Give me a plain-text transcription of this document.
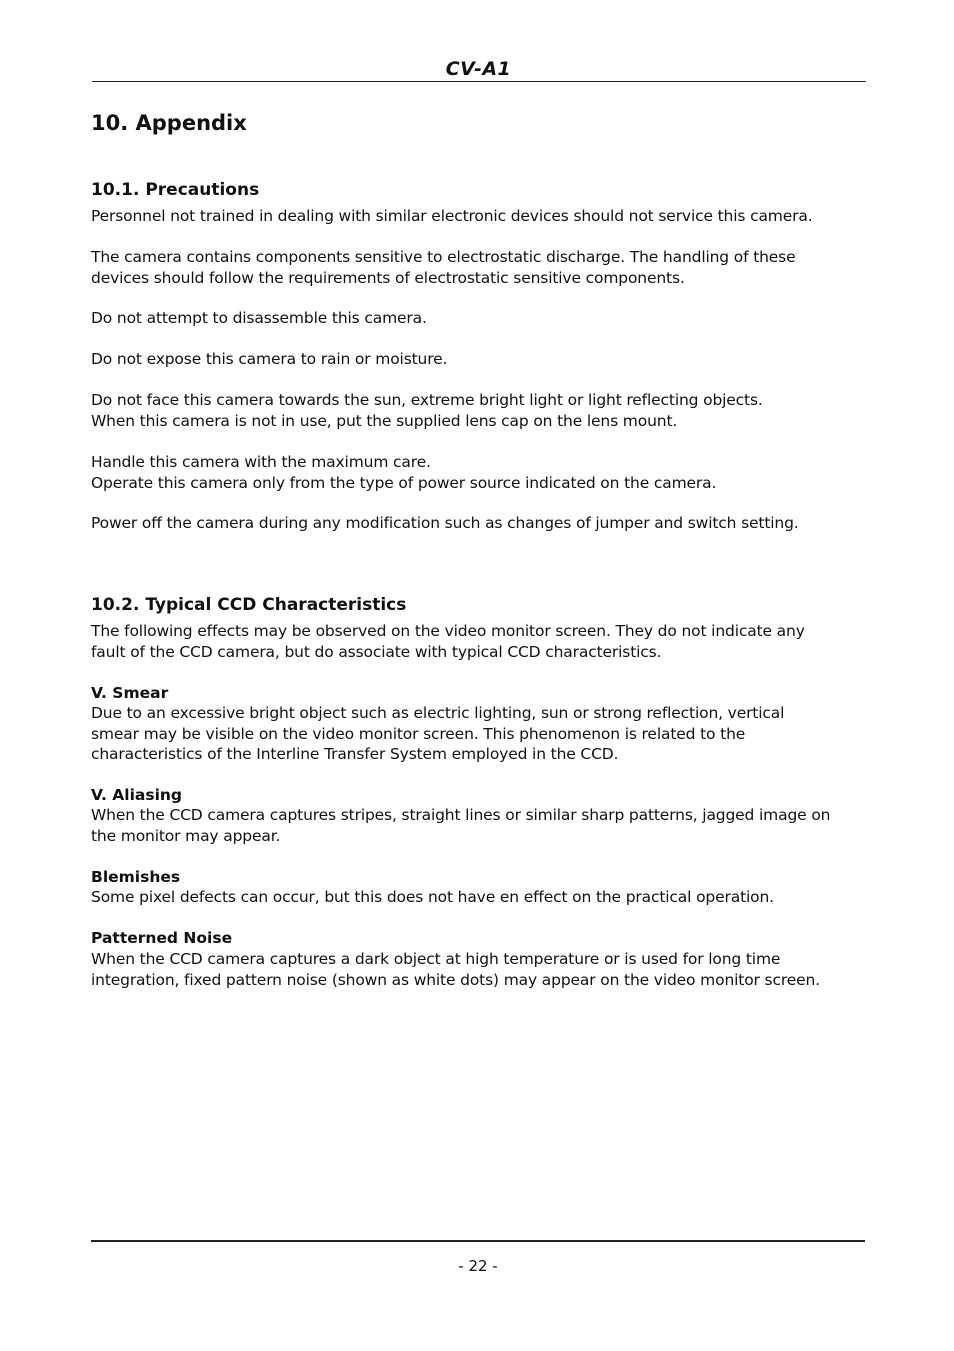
CV-A1
10. Appendix
10.1. Precautions
Personnel not trained in dealing with similar electronic devices should not service this camera.
The camera contains components sensitive to electrostatic discharge. The handling of these
devices should follow the requirements of electrostatic sensitive components.
Do not attempt to disassemble this camera.
Do not expose this camera to rain or moisture.
Do not face this camera towards the sun, extreme bright light or light reflecting objects.
When this camera is not in use, put the supplied lens cap on the lens mount.
Handle this camera with the maximum care.
Operate this camera only from the type of power source indicated on the camera.
Power off the camera during any modification such as changes of jumper and switch setting.
10.2. Typical CCD Characteristics
The following effects may be observed on the video monitor screen. They do not indicate any
fault of the CCD camera, but do associate with typical CCD characteristics.
V. Smear
Due to an excessive bright object such as electric lighting, sun or strong reflection, vertical
smear may be visible on the video monitor screen. This phenomenon is related to the
characteristics of the Interline Transfer System employed in the CCD.
V. Aliasing
When the CCD camera captures stripes, straight lines or similar sharp patterns, jagged image on
the monitor may appear.
Blemishes
Some pixel defects can occur, but this does not have en effect on the practical operation.
Patterned Noise
When the CCD camera captures a dark object at high temperature or is used for long time
integration, fixed pattern noise (shown as white dots) may appear on the video monitor screen.
- 22 -
